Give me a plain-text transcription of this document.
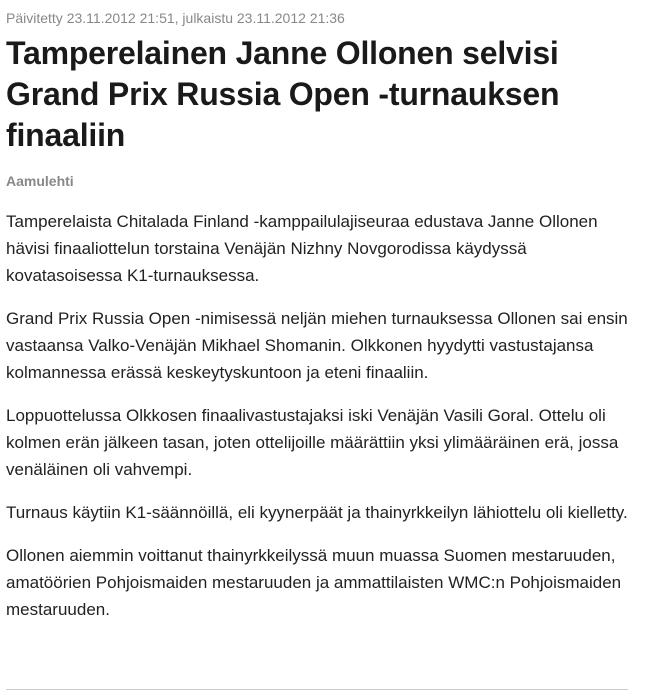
Päivitetty 23.11.2012 21:51, julkaistu 23.11.2012 21:36
Tamperelainen Janne Ollonen selvisi Grand Prix Russia Open -turnauksen finaaliin
Aamulehti

Tamperelaista Chitalada Finland -kamppailulajiseuraa edustava Janne Ollonen hävisi finaaliottelun torstaina Venäjän Nizhny Novgorodissa käydyssä kovatasoisessa K1-turnauksessa.

Grand Prix Russia Open -nimisessä neljän miehen turnauksessa Ollonen sai ensin vastaansa Valko-Venäjän Mikhael Shomanin. Olkkonen hyydytti vastustajansa kolmannessa erässä keskeytyskuntoon ja eteni finaaliin.

Loppuottelussa Olkkosen finaalivastustajaksi iski Venäjän Vasili Goral. Ottelu oli kolmen erän jälkeen tasan, joten ottelijoille määrättiin yksi ylimääräinen erä, jossa venäläinen oli vahvempi.

Turnaus käytiin K1-säännöillä, eli kyynerpäät ja thainyrkkeilyn lähiottelu oli kielletty.

Ollonen aiemmin voittanut thainyrkkeilyssä muun muassa Suomen mestaruuden, amatöörien Pohjoismaiden mestaruuden ja ammattilaisten WMC:n Pohjoismaiden mestaruuden.
